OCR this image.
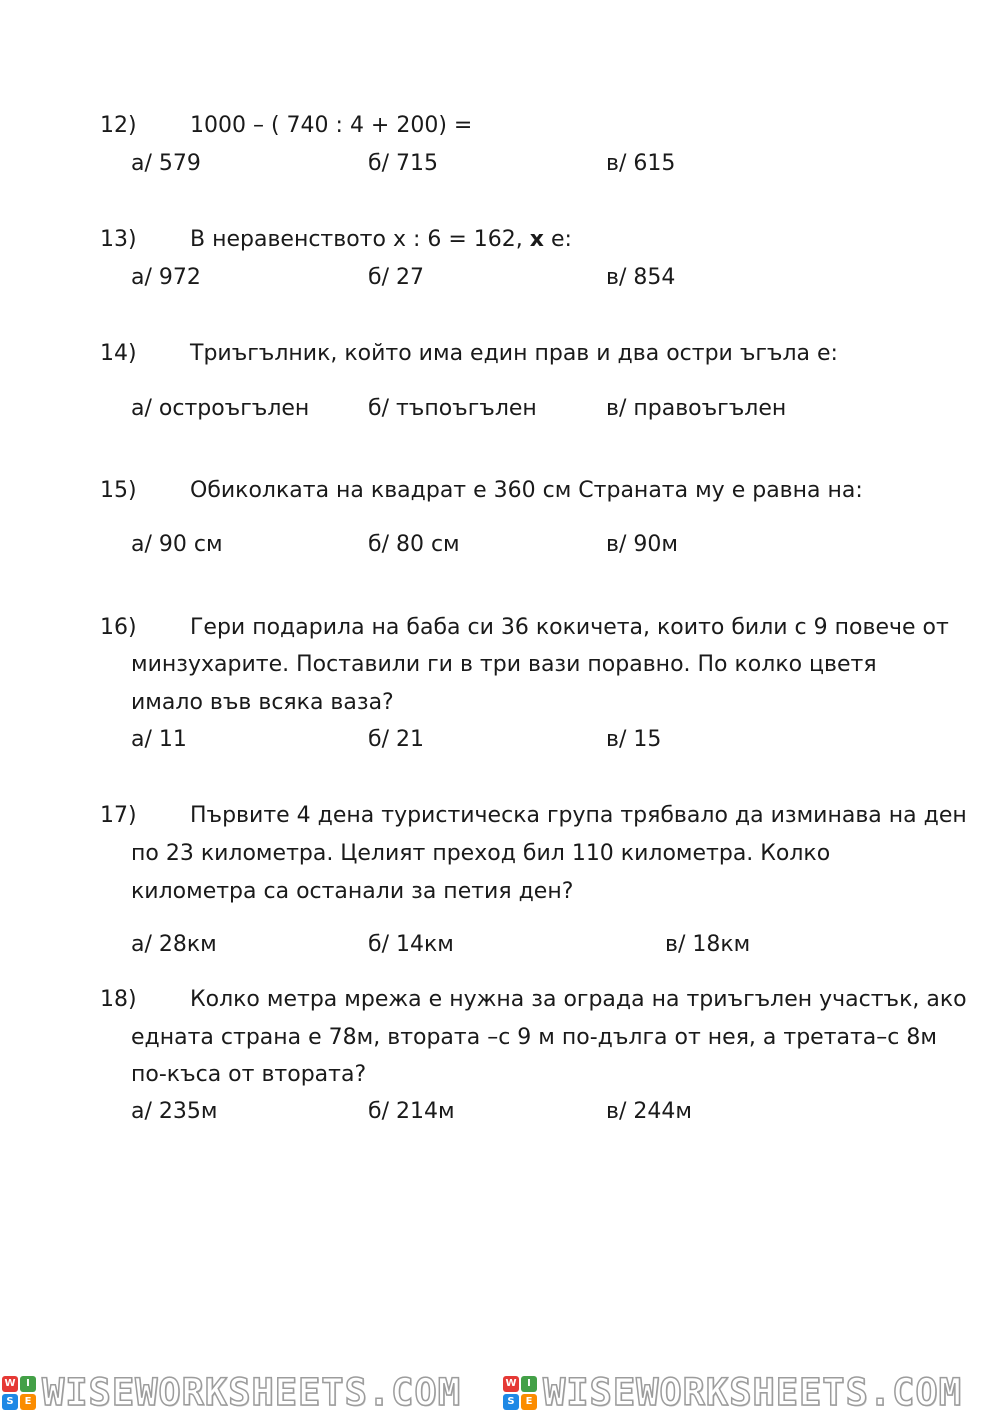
12) 1000 – ( 740 : 4 + 200) =
а/ 579	б/ 715	в/ 615
13) В неравенството x : 6 = 162, x е:
а/ 972	б/ 27	в/ 854
14) Триъгълник, който има един прав и два остри ъгъла е:
а/ остроъгълен	б/ тъпоъгълен	в/ правоъгълен
15) Обиколката на квадрат е 360 см Страната му е равна на:
а/ 90 см	б/ 80 см	в/ 90м
16) Гери подарила на баба си 36 кокичета, които били с 9 повече от
минзухарите. Поставили ги в три вази поравно. По колко цветя
имало във всяка ваза?
а/ 11	б/ 21	в/ 15
17) Първите 4 дена туристическа група трябвало да изминава на ден
по 23 километра. Целият преход бил 110 километра. Колко
километра са останали за петия ден?
а/ 28км	б/ 14км	в/ 18км
18) Колко метра мрежа е нужна за ограда на триъгълен участък, ако
едната страна е 78м, втората –с 9 м по-дълга от нея, а третата–с 8м
по-къса от втората?
а/ 235м	б/ 214м	в/ 244м
W	I
S	E WISEWORKSHEETS.COM	W	I
S	E WISEWORKSHEETS.COM
